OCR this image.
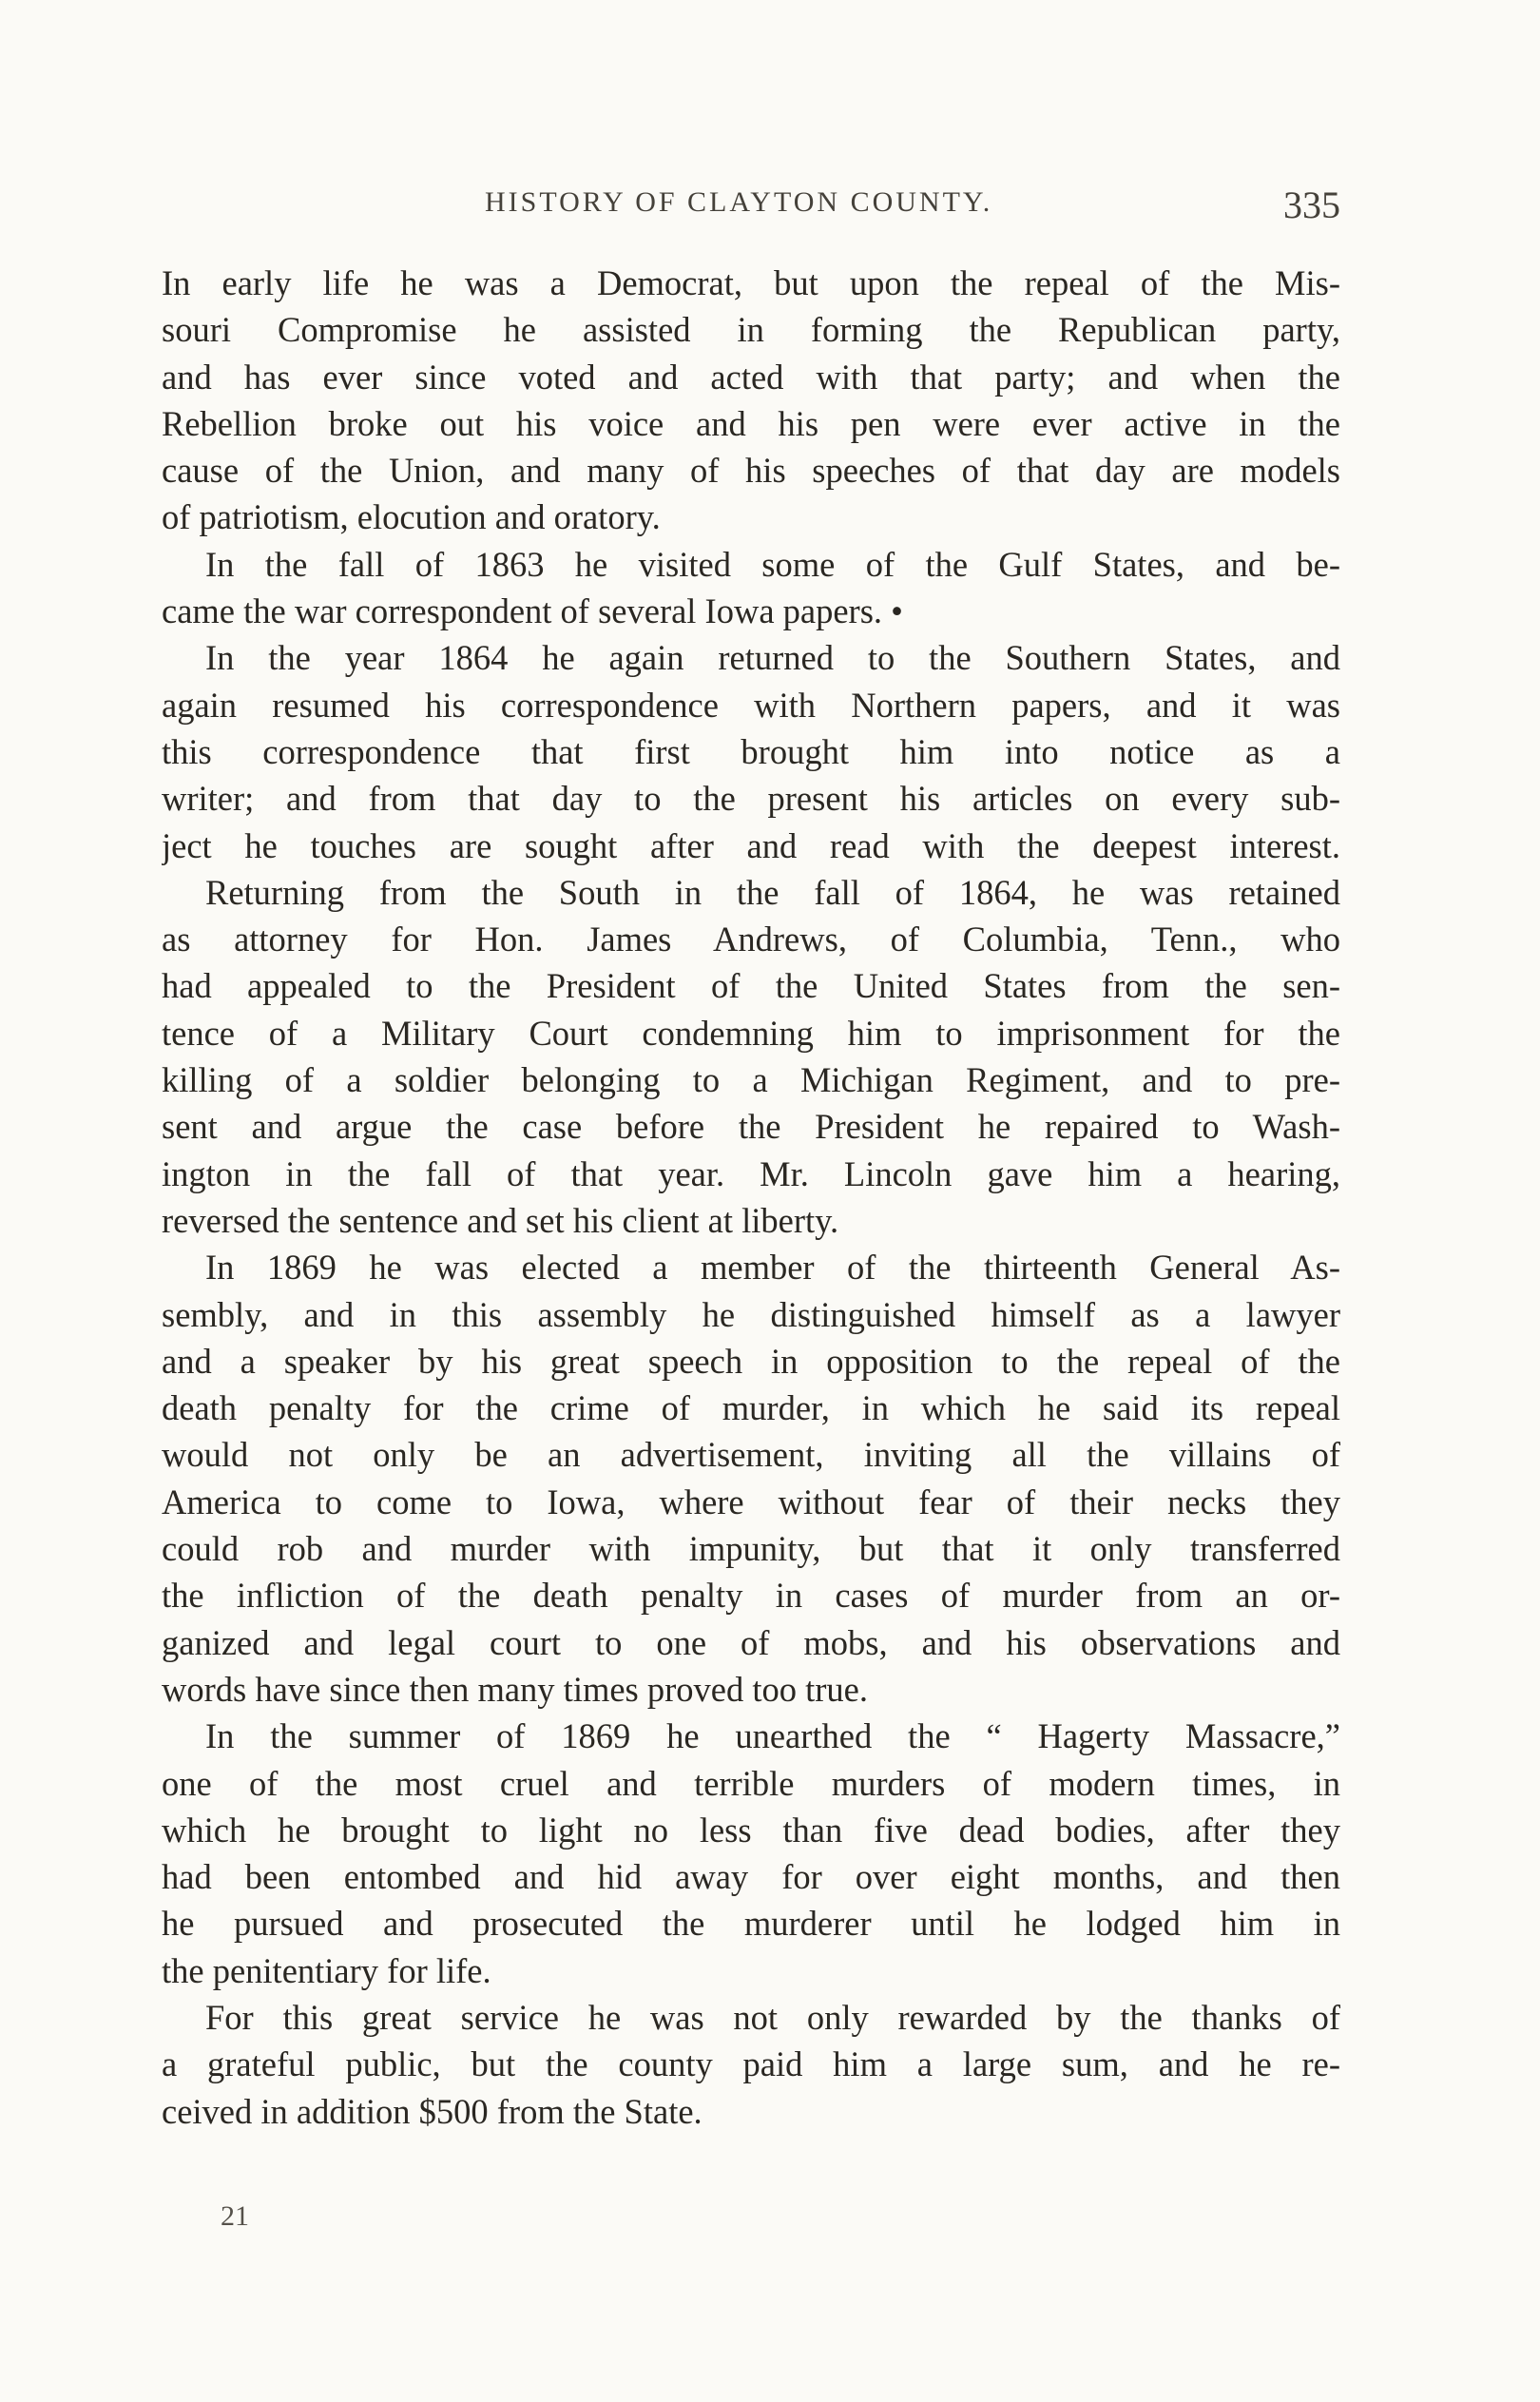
HISTORY OF CLAYTON COUNTY.	335
In early life he was a Democrat, but upon the repeal of the Mis-
souri Compromise he assisted in forming the Republican party,
and has ever since voted and acted with that party; and when the
Rebellion broke out his voice and his pen were ever active in the
cause of the Union, and many of his speeches of that day are models
of patriotism, elocution and oratory.
In the fall of 1863 he visited some of the Gulf States, and be-
came the war correspondent of several Iowa papers. •
In the year 1864 he again returned to the Southern States, and
again resumed his correspondence with Northern papers, and it was
this correspondence that first brought him into notice as a
writer; and from that day to the present his articles on every sub-
ject he touches are sought after and read with the deepest interest.
Returning from the South in the fall of 1864, he was retained
as attorney for Hon. James Andrews, of Columbia, Tenn., who
had appealed to the President of the United States from the sen-
tence of a Military Court condemning him to imprisonment for the
killing of a soldier belonging to a Michigan Regiment, and to pre-
sent and argue the case before the President he repaired to Wash-
ington in the fall of that year. Mr. Lincoln gave him a hearing,
reversed the sentence and set his client at liberty.
In 1869 he was elected a member of the thirteenth General As-
sembly, and in this assembly he distinguished himself as a lawyer
and a speaker by his great speech in opposition to the repeal of the
death penalty for the crime of murder, in which he said its repeal
would not only be an advertisement, inviting all the villains of
America to come to Iowa, where without fear of their necks they
could rob and murder with impunity, but that it only transferred
the infliction of the death penalty in cases of murder from an or-
ganized and legal court to one of mobs, and his observations and
words have since then many times proved too true.
In the summer of 1869 he unearthed the “ Hagerty Massacre,”
one of the most cruel and terrible murders of modern times, in
which he brought to light no less than five dead bodies, after they
had been entombed and hid away for over eight months, and then
he pursued and prosecuted the murderer until he lodged him in
the penitentiary for life.
For this great service he was not only rewarded by the thanks of
a grateful public, but the county paid him a large sum, and he re-
ceived in addition $500 from the State.
21
